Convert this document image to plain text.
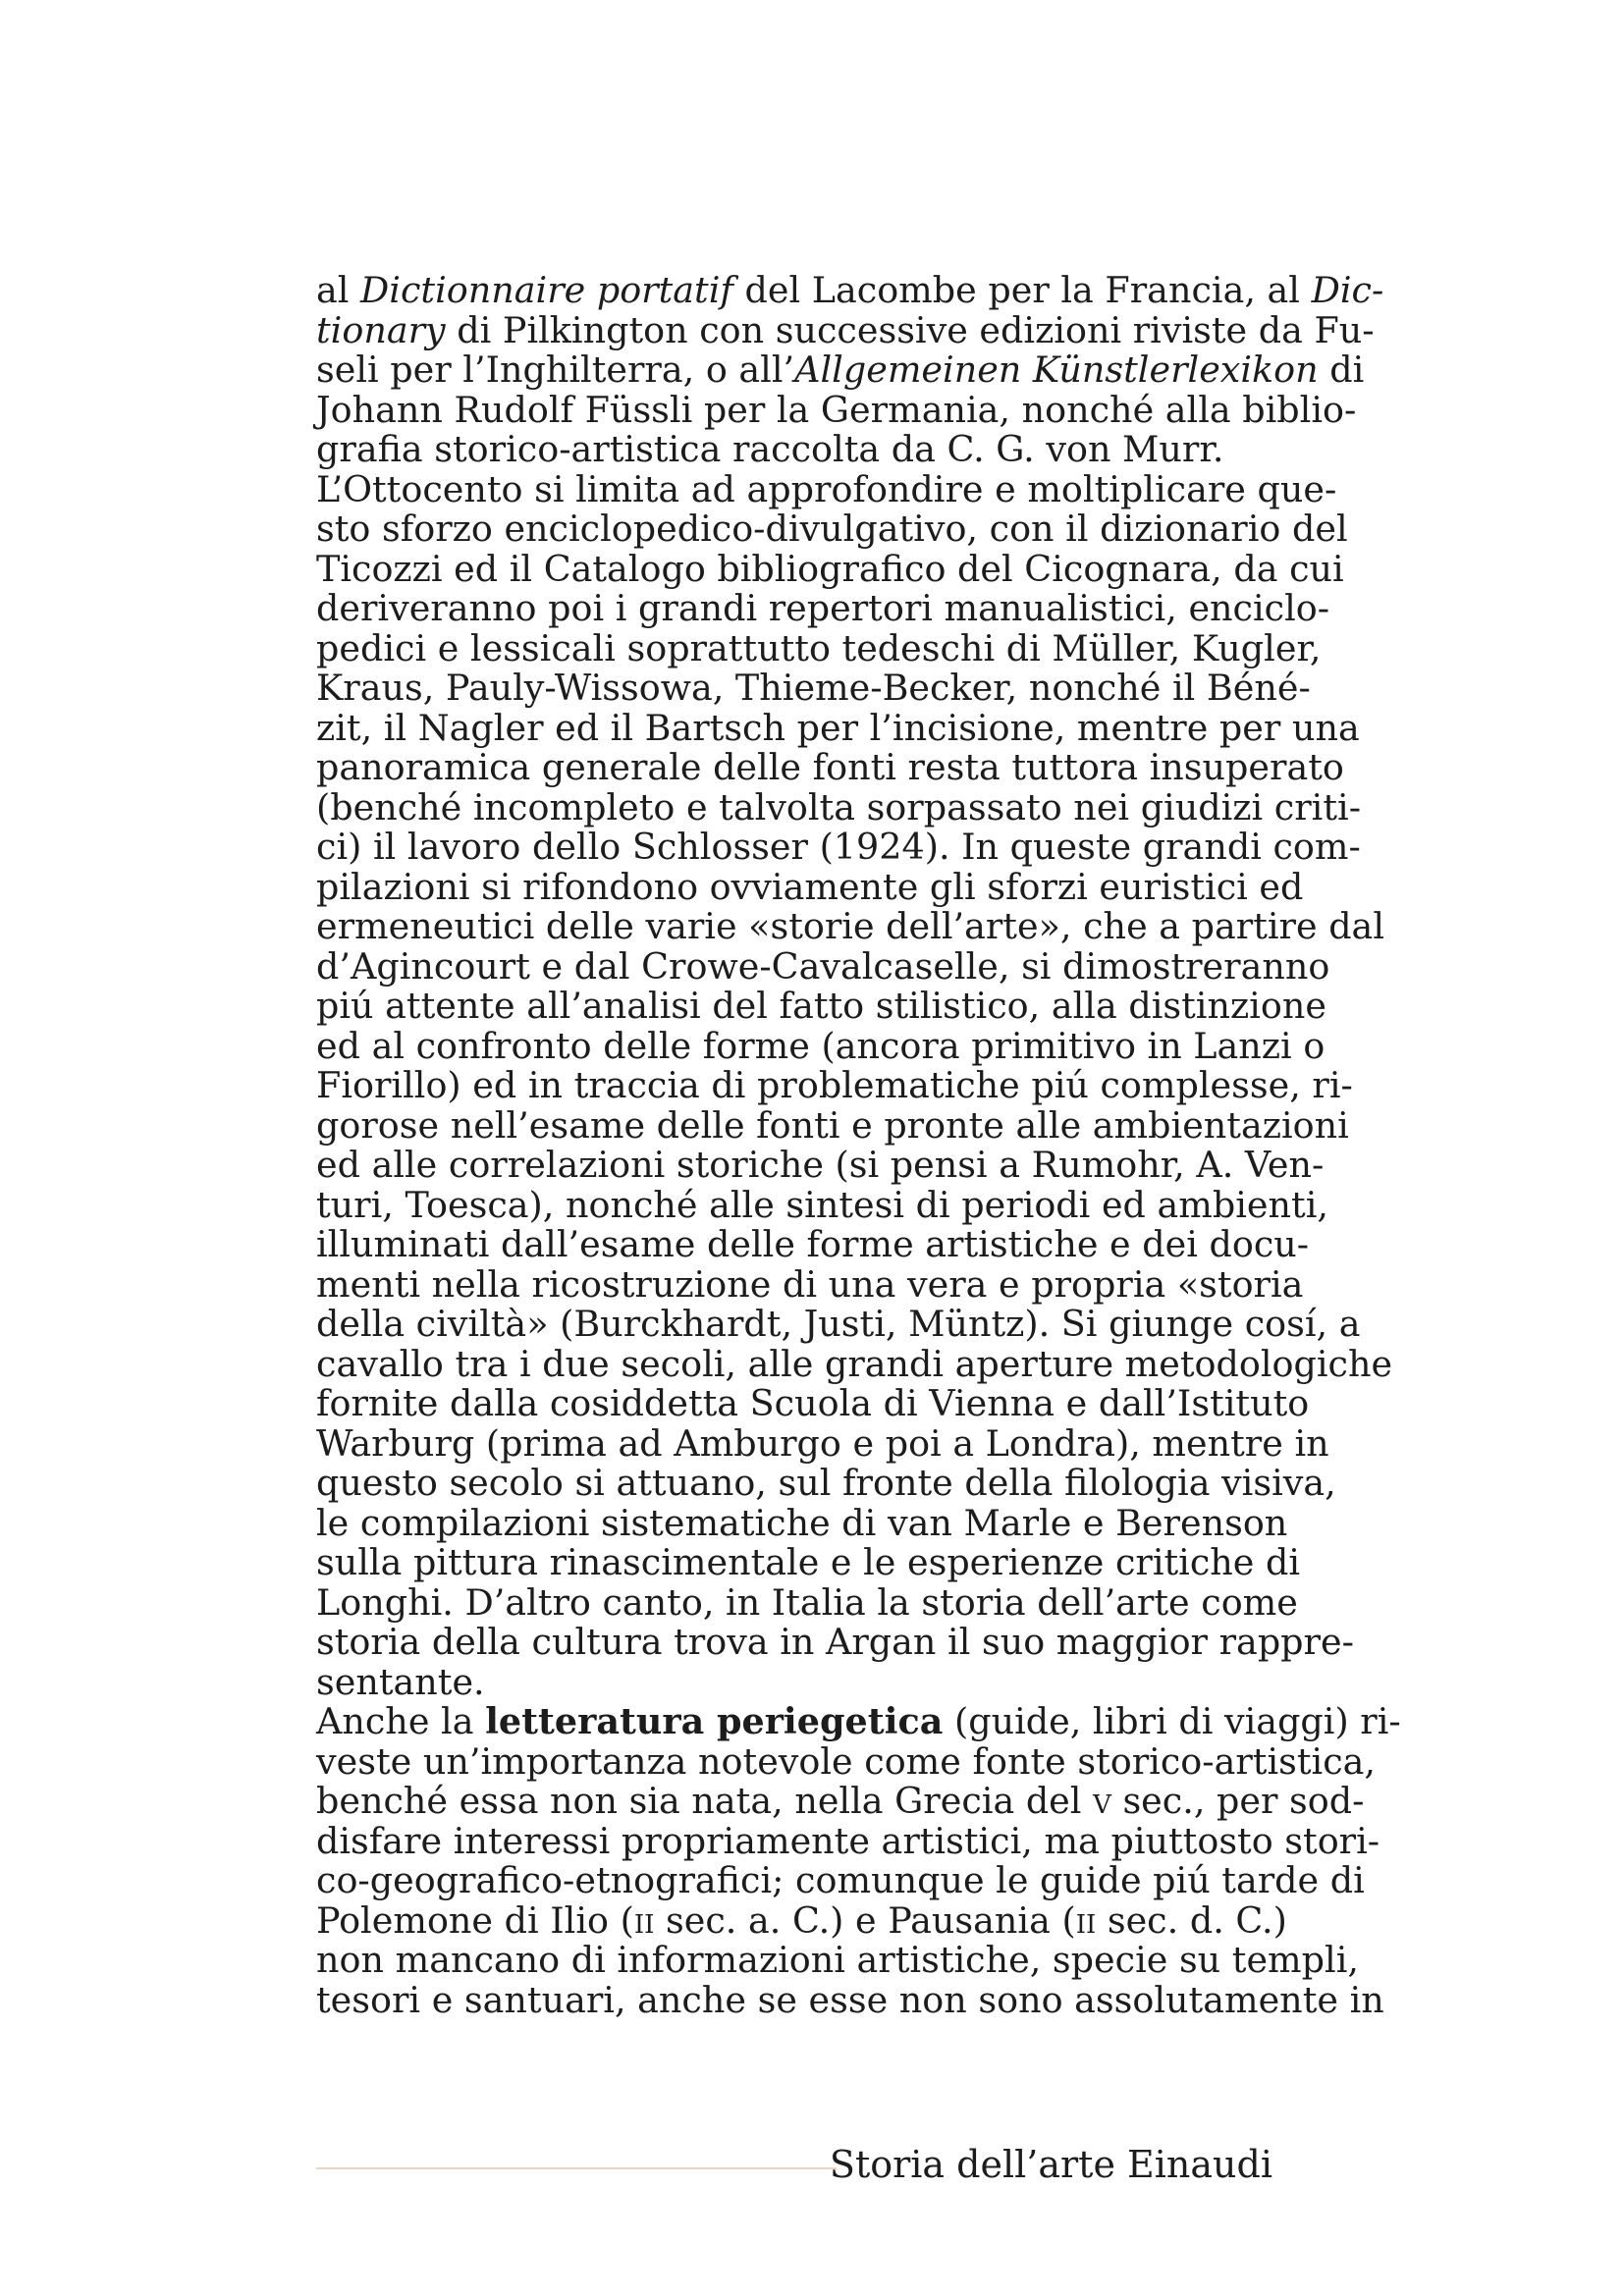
al Dictionnaire portatif del Lacombe per la Francia, al Dic-
tionary di Pilkington con successive edizioni riviste da Fu-
seli per l’Inghilterra, o all’Allgemeinen Künstlerlexikon di
Johann Rudolf Füssli per la Germania, nonché alla biblio-
grafia storico-artistica raccolta da C. G. von Murr.
L’Ottocento si limita ad approfondire e moltiplicare que-
sto sforzo enciclopedico-divulgativo, con il dizionario del
Ticozzi ed il Catalogo bibliografico del Cicognara, da cui
deriveranno poi i grandi repertori manualistici, enciclo-
pedici e lessicali soprattutto tedeschi di Müller, Kugler,
Kraus, Pauly-Wissowa, Thieme-Becker, nonché il Béné-
zit, il Nagler ed il Bartsch per l’incisione, mentre per una
panoramica generale delle fonti resta tuttora insuperato
(benché incompleto e talvolta sorpassato nei giudizi criti-
ci) il lavoro dello Schlosser (1924). In queste grandi com-
pilazioni si rifondono ovviamente gli sforzi euristici ed
ermeneutici delle varie «storie dell’arte», che a partire dal
d’Agincourt e dal Crowe-Cavalcaselle, si dimostreranno
piú attente all’analisi del fatto stilistico, alla distinzione
ed al confronto delle forme (ancora primitivo in Lanzi o
Fiorillo) ed in traccia di problematiche piú complesse, ri-
gorose nell’esame delle fonti e pronte alle ambientazioni
ed alle correlazioni storiche (si pensi a Rumohr, A. Ven-
turi, Toesca), nonché alle sintesi di periodi ed ambienti,
illuminati dall’esame delle forme artistiche e dei docu-
menti nella ricostruzione di una vera e propria «storia
della civiltà» (Burckhardt, Justi, Müntz). Si giunge cosí, a
cavallo tra i due secoli, alle grandi aperture metodologiche
fornite dalla cosiddetta Scuola di Vienna e dall’Istituto
Warburg (prima ad Amburgo e poi a Londra), mentre in
questo secolo si attuano, sul fronte della filologia visiva,
le compilazioni sistematiche di van Marle e Berenson
sulla pittura rinascimentale e le esperienze critiche di
Longhi. D’altro canto, in Italia la storia dell’arte come
storia della cultura trova in Argan il suo maggior rappre-
sentante.
Anche la letteratura periegetica (guide, libri di viaggi) ri-
veste un’importanza notevole come fonte storico-artistica,
benché essa non sia nata, nella Grecia del v sec., per sod-
disfare interessi propriamente artistici, ma piuttosto stori-
co-geografico-etnografici; comunque le guide piú tarde di
Polemone di Ilio (ii sec. a. C.) e Pausania (ii sec. d. C.)
non mancano di informazioni artistiche, specie su templi,
tesori e santuari, anche se esse non sono assolutamente in
Storia dell’arte Einaudi
